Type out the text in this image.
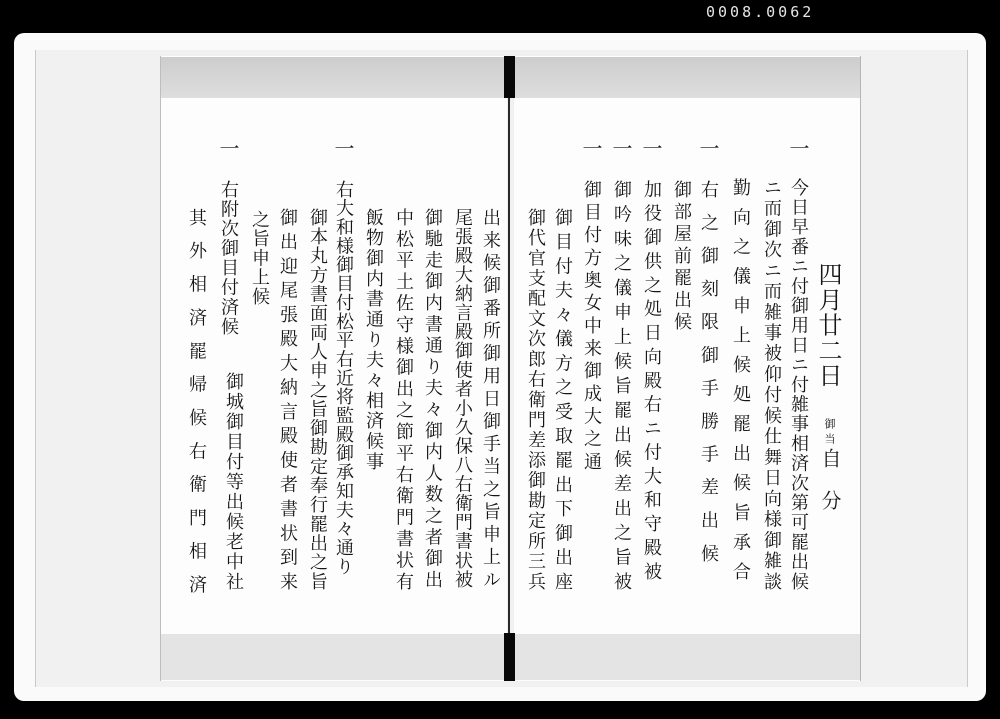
0008.0062
四月廿二日
御当
自分
一
今日早番ニ付御用日ニ付雑事相済次第可罷出候
ニ而御次ニ而雑事被仰付候仕舞日向様御雑談
勤向之儀申上候処罷出候旨承合
一
右之御刻限御手勝手差出候
御部屋前罷出候
一
加役御供之処日向殿右ニ付大和守殿被
一
御吟味之儀申上候旨罷出候差出之旨被
一
御目付方奥女中来御成大之通
御目付夫々儀方之受取罷出下御出座
御代官支配文次郎右衛門差添御勘定所三兵
出来候御番所御用日御手当之旨申上ル
尾張殿大納言殿御使者小久保八右衛門書状被
御馳走御内書通り夫々御内人数之者御出
中松平土佐守様御出之節平右衛門書状有
飯物御内書通り夫々相済候事
一
右大和様御目付松平右近将監殿御承知夫々通り
御本丸方書面両人申之旨御勘定奉行罷出之旨
御出迎尾張殿大納言殿使者書状到来
之旨申上候
一
右附次御目付済候
御城御目付等出候老中社
其外相済罷帰候右衛門相済
